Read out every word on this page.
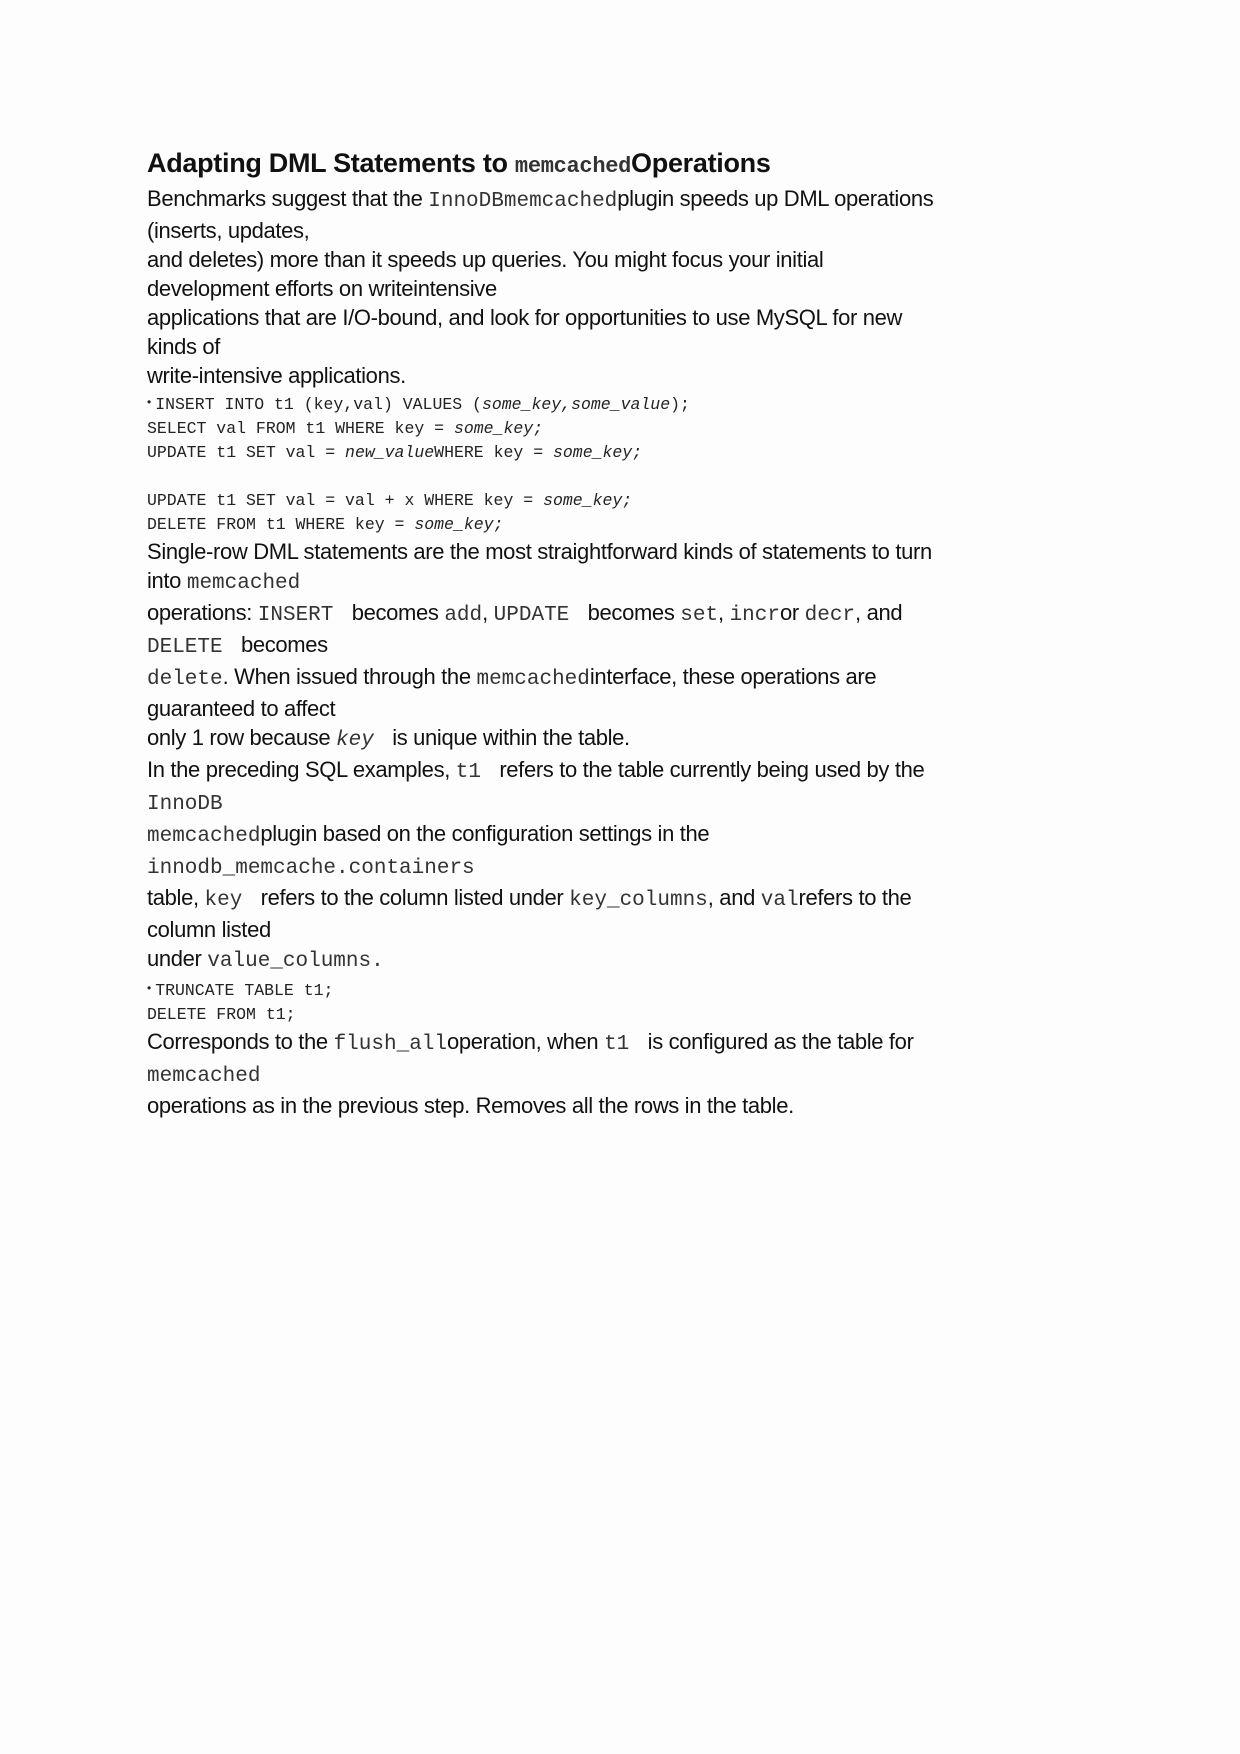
Adapting DML Statements to memcachedOperations
Benchmarks suggest that the InnoDBmemcachedplugin speeds up DML operations
(inserts, updates,
and deletes) more than it speeds up queries. You might focus your initial
development efforts on writeintensive
applications that are I/O-bound, and look for opportunities to use MySQL for new
kinds of
write-intensive applications.
• INSERT INTO t1 (key,val) VALUES (some_key,some_value);
SELECT val FROM t1 WHERE key = some_key;
UPDATE t1 SET val = new_valueWHERE key = some_key;

UPDATE t1 SET val = val + x WHERE key = some_key;
DELETE FROM t1 WHERE key = some_key;
Single-row DML statements are the most straightforward kinds of statements to turn
into memcached
operations: INSERT  becomes add, UPDATE  becomes set, incror decr, and
DELETE  becomes
delete. When issued through the memcachedinterface, these operations are
guaranteed to affect
only 1 row because key  is unique within the table.
In the preceding SQL examples, t1  refers to the table currently being used by the
InnoDB
memcachedplugin based on the configuration settings in the
innodb_memcache.containers
table, key  refers to the column listed under key_columns, and valrefers to the
column listed
under value_columns.
• TRUNCATE TABLE t1;
DELETE FROM t1;
Corresponds to the flush_alloperation, when t1  is configured as the table for
memcached
operations as in the previous step. Removes all the rows in the table.
